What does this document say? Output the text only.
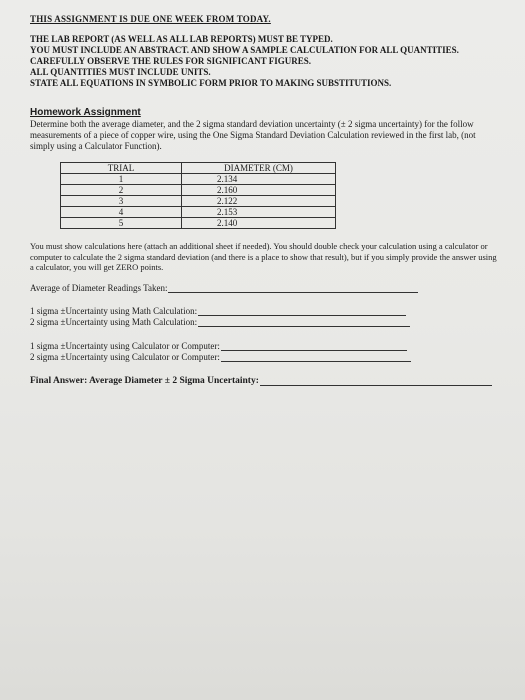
THIS ASSIGNMENT IS DUE ONE WEEK FROM TODAY.

THE LAB REPORT (AS WELL AS ALL LAB REPORTS) MUST BE TYPED.

YOU MUST INCLUDE AN ABSTRACT. AND SHOW A SAMPLE CALCULATION FOR ALL QUANTITIES.

CAREFULLY OBSERVE THE RULES FOR SIGNIFICANT FIGURES.

ALL QUANTITIES MUST INCLUDE UNITS.

STATE ALL EQUATIONS IN SYMBOLIC FORM PRIOR TO MAKING SUBSTITUTIONS.

Homework Assignment

Determine both the average diameter, and the 2 sigma standard deviation uncertainty (± 2 sigma uncertainty) for the follow measurements of a piece of copper wire, using the One Sigma Standard Deviation Calculation reviewed in the first lab, (not simply using a Calculator Function).

TRIAL	DIAMETER (CM)
1	2.134
2	2.160
3	2.122
4	2.153
5	2.140

You must show calculations here (attach an additional sheet if needed). You should double check your calculation using a calculator or computer to calculate the 2 sigma standard deviation (and there is a place to show that result), but if you simply provide the answer using a calculator, you will get ZERO points.

Average of Diameter Readings Taken:
1 sigma ±Uncertainty using Math Calculation:
2 sigma ±Uncertainty using Math Calculation:
1 sigma ±Uncertainty using Calculator or Computer:
2 sigma ±Uncertainty using Calculator or Computer:
Final Answer: Average Diameter ± 2 Sigma Uncertainty:
